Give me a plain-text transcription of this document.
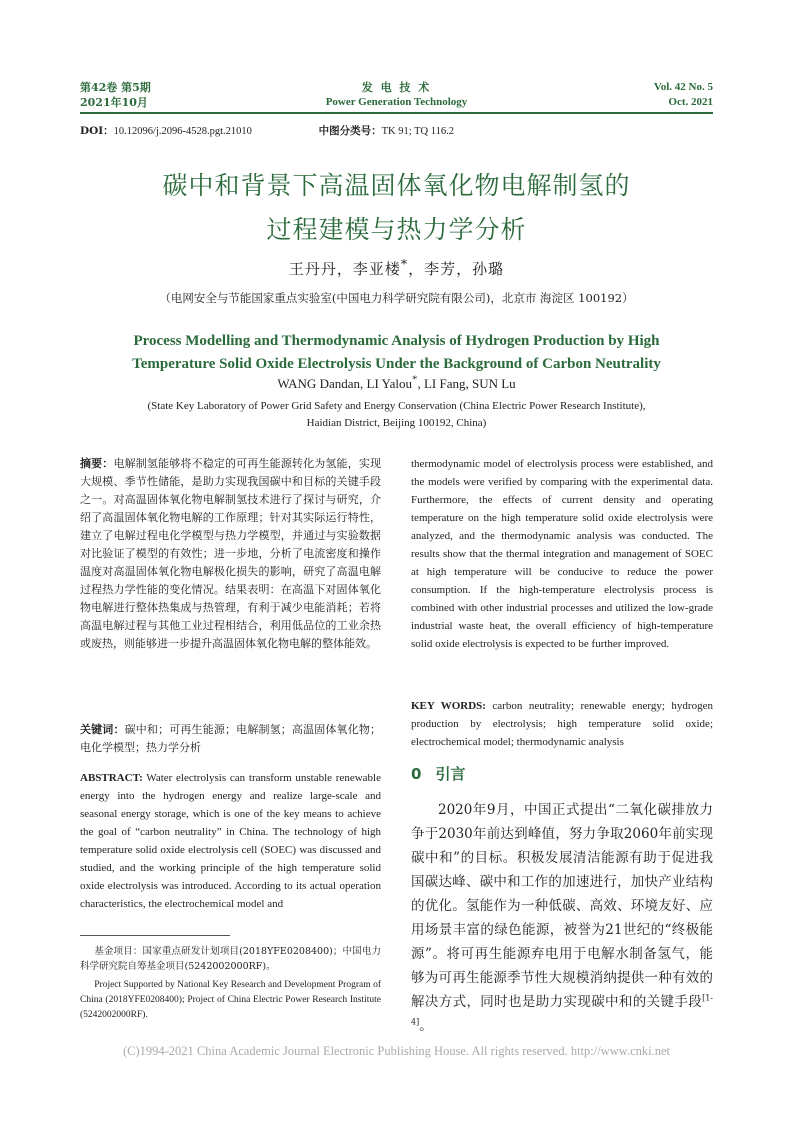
第42卷 第5期
2021年10月
发 电 技 术
Power Generation Technology
Vol. 42 No. 5
Oct. 2021
DOI：10.12096/j.2096-4528.pgt.21010	中图分类号：TK 91; TQ 116.2
碳中和背景下高温固体氧化物电解制氢的
过程建模与热力学分析
王丹丹，李亚楼*，李芳，孙璐
（电网安全与节能国家重点实验室(中国电力科学研究院有限公司)，北京市 海淀区 100192）
Process Modelling and Thermodynamic Analysis of Hydrogen Production by High
Temperature Solid Oxide Electrolysis Under the Background of Carbon Neutrality
WANG Dandan, LI Yalou*, LI Fang, SUN Lu
(State Key Laboratory of Power Grid Safety and Energy Conservation (China Electric Power Research Institute),
Haidian District, Beijing 100192, China)
摘要：电解制氢能够将不稳定的可再生能源转化为氢能，实现大规模、季节性储能，是助力实现我国碳中和目标的关键手段之一。对高温固体氧化物电解制氢技术进行了探讨与研究，介绍了高温固体氧化物电解的工作原理；针对其实际运行特性，建立了电解过程电化学模型与热力学模型，并通过与实验数据对比验证了模型的有效性；进一步地，分析了电流密度和操作温度对高温固体氧化物电解极化损失的影响，研究了高温电解过程热力学性能的变化情况。结果表明：在高温下对固体氧化物电解进行整体热集成与热管理，有利于减少电能消耗；若将高温电解过程与其他工业过程相结合，利用低品位的工业余热或废热，则能够进一步提升高温固体氧化物电解的整体能效。
关键词：碳中和；可再生能源；电解制氢；高温固体氧化物；电化学模型；热力学分析
ABSTRACT: Water electrolysis can transform unstable renewable energy into the hydrogen energy and realize large-scale and seasonal energy storage, which is one of the key means to achieve the goal of “carbon neutrality” in China. The technology of high temperature solid oxide electrolysis cell (SOEC) was discussed and studied, and the working principle of the high temperature solid oxide electrolysis was introduced. According to its actual operation characteristics, the electrochemical model and

基金项目：国家重点研发计划项目(2018YFE0208400)；中国电力科学研究院自筹基金项目(5242002000RF)。

Project Supported by National Key Research and Development Program of China (2018YFE0208400); Project of China Electric Power Research Institute (5242002000RF).

thermodynamic model of electrolysis process were established, and the models were verified by comparing with the experimental data. Furthermore, the effects of current density and operating temperature on the high temperature solid oxide electrolysis were analyzed, and the thermodynamic analysis was conducted. The results show that the thermal integration and management of SOEC at high temperature will be conducive to reduce the power consumption. If the high-temperature electrolysis process is combined with other industrial processes and utilized the low-grade industrial waste heat, the overall efficiency of high-temperature solid oxide electrolysis is expected to be further improved.
KEY WORDS: carbon neutrality; renewable energy; hydrogen production by electrolysis; high temperature solid oxide; electrochemical model; thermodynamic analysis
0 引言
2020年9月，中国正式提出“二氧化碳排放力争于2030年前达到峰值，努力争取2060年前实现碳中和”的目标。积极发展清洁能源有助于促进我国碳达峰、碳中和工作的加速进行，加快产业结构的优化。氢能作为一种低碳、高效、环境友好、应用场景丰富的绿色能源，被誉为21世纪的“终极能源”。将可再生能源弃电用于电解水制备氢气，能够为可再生能源季节性大规模消纳提供一种有效的解决方式，同时也是助力实现碳中和的关键手段[1-4]。
(C)1994-2021 China Academic Journal Electronic Publishing House. All rights reserved. http://www.cnki.net
